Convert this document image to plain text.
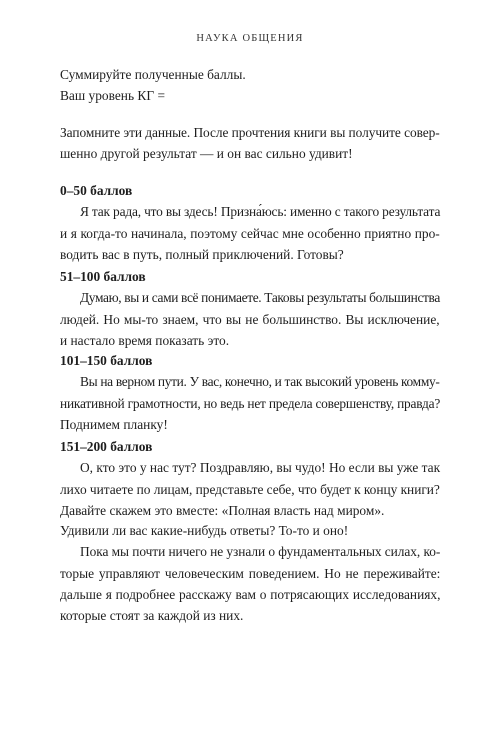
НАУКА ОБЩЕНИЯ
Суммируйте полученные баллы.
Ваш уровень КГ =
Запомните эти данные. После прочтения книги вы получите совер-
шенно другой результат — и он вас сильно удивит!
0–50 баллов
Я так рада, что вы здесь! Призна́юсь: именно с такого результата
и я когда-то начинала, поэтому сейчас мне особенно приятно про-
водить вас в путь, полный приключений. Готовы?
51–100 баллов
Думаю, вы и сами всё понимаете. Таковы результаты большинства
людей. Но мы-то знаем, что вы не большинство. Вы исключение,
и настало время показать это.
101–150 баллов
Вы на верном пути. У вас, конечно, и так высокий уровень комму-
никативной грамотности, но ведь нет предела совершенству, правда?
Поднимем планку!
151–200 баллов
О, кто это у нас тут? Поздравляю, вы чудо! Но если вы уже так
лихо читаете по лицам, представьте себе, что будет к концу книги?
Давайте скажем это вместе: «Полная власть над миром».
Удивили ли вас какие-нибудь ответы? То-то и оно!
Пока мы почти ничего не узнали о фундаментальных силах, ко-
торые управляют человеческим поведением. Но не переживайте:
дальше я подробнее расскажу вам о потрясающих исследованиях,
которые стоят за каждой из них.
